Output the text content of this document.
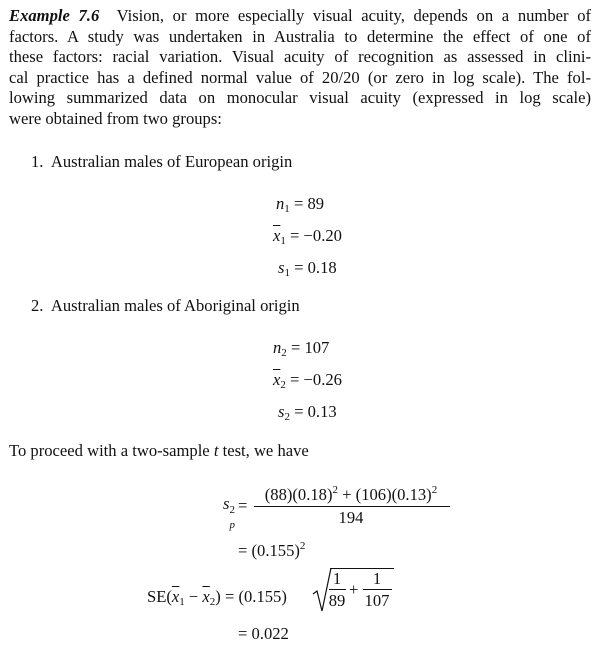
Example 7.6 Vision, or more especially visual acuity, depends on a number of
factors. A study was undertaken in Australia to determine the effect of one of
these factors: racial variation. Visual acuity of recognition as assessed in clini-
cal practice has a defined normal value of 20/20 (or zero in log scale). The fol-
lowing summarized data on monocular visual acuity (expressed in log scale)
were obtained from two groups:
1. Australian males of European origin
$n_1 = 89$
$\overline{x}_1 = -0.20$
$s_1 = 0.18$
2. Australian males of Aboriginal origin
$n_2 = 107$
$\overline{x}_2 = -0.26$
$s_2 = 0.13$
To proceed with a two-sample t test, we have
s 2
p
=
$(88)(0.18)^2 + (106)(0.13)^2$
194
= $(0.155)^2$
$SE(\overline{x}_1 - \overline{x}_2) = (0.155)$
1
89
+
1
107
= 0.022
